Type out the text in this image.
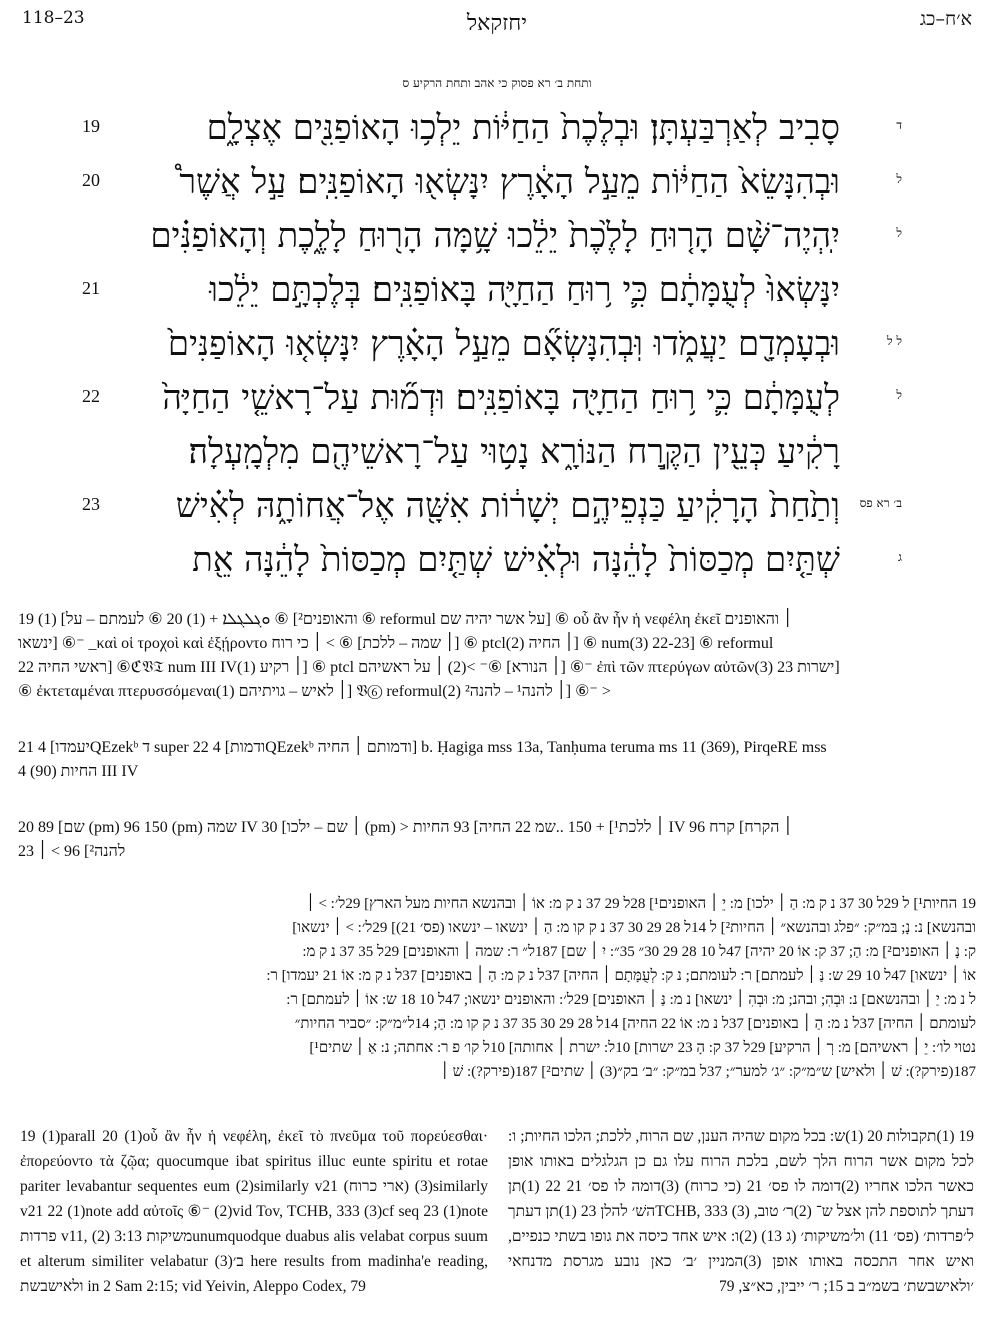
118–23	יחזקאל	א׳ח–כג
ותחת ב׳ רא פסוק כי אהב ותחת הרקיע ס
19	סָבִיב לְאַרְבַּעְתָּן׃ וּבְלֶכֶת֙ הַחַיּ֔וֹת יֵלְכ֥וּ הָאוֹפַנִּ֖ים אֶצְלָ֑ם	ד
20	וּבְהִנָּשֵׂא֙ הַחַיּ֔וֹת מֵעַ֣ל הָאָ֔רֶץ יִנָּשְׂא֖וּ הָאוֹפַנִּֽים׃ עַ֣ל אֲשֶׁר֩	ל
יִֽהְיֶה־שָּׁ֨ם הָר֤וּחַ לָלֶ֙כֶת֙ יֵלֵ֔כוּ שָׁ֥מָּה הָר֖וּחַ לָלֶ֑כֶת וְהָאוֹפַנִּ֗ים	ל
21	יִנָּשְׂאוּ֙ לְעֻמָּתָ֔ם כִּ֛י ר֥וּחַ הַחַיָּ֖ה בָּאוֹפַנִּֽים׃ בְּלֶכְתָּ֣ם יֵלֵ֔כוּ
וּבְעָמְדָ֖ם יַעֲמֹ֑דוּ וּֽבְהִנָּשְׂאָ֞ם מֵעַ֣ל הָאָ֗רֶץ יִנָּשְׂא֤וּ הָאוֹפַנִּים֙	ל ל
22	לְעֻמָּתָ֔ם כִּ֛י ר֥וּחַ הַחַיָּ֖ה בָּאוֹפַנִּֽים׃ וּדְמ֞וּת עַל־רָאשֵׁ֤י הַחַיָּה֙	ל
רָקִ֔יעַ כְּעֵ֖ין הַקֶּ֣רַח הַנּוֹרָ֑א נָט֥וּי עַל־רָאשֵׁיהֶ֖ם מִלְמָֽעְלָה׃
23	וְתַ֙חַת֙ הָרָקִ֔יעַ כַּנְפֵיהֶ֣ם יְשָׁר֔וֹת אִשָּׁ֖ה אֶל־אֲחוֹתָ֑הּ לְאִ֗ישׁ	ב׳ רא פס
שְׁתַּ֤יִם מְכַסּוֹת֙ לָהֵ֔נָּה וּלְאִ֗ישׁ שְׁתַּ֤יִם מְכַסּוֹת֙ לָהֵ֔נָּה אֵ֖ת	ג

19 והאופנים²] ⑥ ܘܓܠܓܠܐ + (1) 20 ⑥ לעמתם – על] (1) ⑥ reformul על אשר יהיה שם] ⑥ οὗ ἂν ἦν ἡ νεφέλη ἐκεῖ ׀ והאופנים

ינשאו] ⑥⁻ _καὶ οἱ τροχοὶ καὶ ἐξῄροντο ׀ שמה – ללכת] ⑥ > ׀ כי רוח] ⑥ ptcl(2) ׀ החיה] ⑥ num(3) 22-23] ⑥ reformul

22 ראשי החיה] ⑥ℭ𝔙𝔗 num III IV(1) ׀ רקיע] ⑥ ptcl ׀ הנורא] ⑥⁻ >(2) ׀ על ראשיהם] ⑥⁻ ἐπὶ τῶν πτερύγων αὐτῶν(3) 23 ישרות]

⑥ ἐκτεταμέναι πτερυσσόμεναι(1) ׀ לאיש – גויתיהם] 𝔙⑥ reformul(2) ׀ להנה¹ – להנה²] ⑥⁻ >

21 יעמדו] 4QEzekᵇ ד super 22 ודמות] 4QEzekᵇ ודמותם ׀ החיה] b. Ḥagiga mss 13a, Tanḥuma teruma ms 11 (369), PirqeRE mss

4 (90) החיות III IV

20 שם] 89 (pm) 96 150 (pm) שמה IV ׀ שם – ילכו] 30 (pm) > ׀ ללכת¹] + 150 ..שמ 22 החיה] 93 החיות IV ׀ הקרח] קרח 96

23 להנה²] 96 > ׀

19 החיות¹] ל 29ל 30 37 נ ק מ: הַ ׀ ילכו] מ: יֵ ׀ האופנים¹] 28ל 29 37 נ ק מ: אוֹ ׀ ובהנשא החיות מעל הארץ] 29ל׳: > ׀

ובהנשא] נ: נָ; בּמ״ק: ״פלג ובהנשא״ ׀ החיות²] ל 14ל 28 29 30 37 נ ק קו מ: הַ ׀ ינשאו – ינשאו (פס׳ 21)] 29ל׳: > ׀ ינשאו]

ק: נָ ׀ האופנים²] מ: הַ; 37 ק: אוֹ 20 יהיה] 47ל 10 28 29 30״ 35״: יִ ׀ שם] 187ל״ ר: שמה ׀ והאופנים] 29ל 35 37 נ ק מ:

אוֹ ׀ ינשאו] 47ל 10 29 ש: נַּ ׀ לעמתם] ר: לעומתם; נ ק: לְעֻמָּתָם ׀ החיה] 37ל נ ק מ: הַ ׀ באופנים] 37ל נ ק מ: אוֹ 21 יעמדו] ר:

ל נ מ: יַ ׀ ובהנשאם] נ: וּבְהִ; ובהנ; מ: וּבְהִ ׀ ינשאו] נ מ: נַּ ׀ האופנים] 29ל׳: והאופנים ינשאו; 47ל 10 18 ש: אוֹ ׀ לעמתם] ר:

לעומתם ׀ החיה] 37ל נ מ: הַ ׀ באופנים] 37ל נ מ: אוֹ 22 החיה] 14ל 28 29 30 35 37 נ ק קו מ: הַ; 14ל״מ״ק: ״סביר החיות״

נטוי לו׳: יֵ ׀ ראשיהם] מ: רְ ׀ הרקיע] 29ל 37 ק: הָ 23 ישרות] 10ל: ישרת ׀ אחותה] 10ל קו׳ פ ר: אחתה; נ: אַ ׀ שתים¹]

187(פירק?): שׁ ׀ ולאיש] ש״מ״ק: ״ג׳ למער״; 37ל במ״ק: ״ב׳ בק״(3) ׀ שתים²] 187(פירק?): שׁ ׀

19 (1)parall 20 (1)οὗ ἂν ἦν ἡ νεφέλη, ἐκεῖ τὸ πνεῦμα τοῦ πορεύεσθαι· ἐπορεύοντο τὰ ζῷα; quocumque ibat spiritus illuc eunte spiritu et rotae pariter levabantur sequentes eum (2)similarly v21 (ארי כרוח) (3)similarly v21 22 (1)note add αὐτοῖς ⑥⁻ (2)vid Tov, TCHB, 333 (3)cf seq 23 (1)note פרדות v11, משיקות 3:13 (2)unumquodque duabus alis velabat corpus suum et alterum similiter velabatur (3)ב׳ here results from madinha'e reading, ולאישבשת in 2 Sam 2:15; vid Yeivin, Aleppo Codex, 79

19 (1)תקבולות 20 (1)ש: בכל מקום שהיה הענן, שם הרוח, ללכת; הלכו החיות; ו: לכל מקום אשר הרוח הלך לשם, בלכת הרוח עלו גם כן הגלגלים באותו אופן כאשר הלכו אחריו (2)דומה לו פס׳ 21 (כי כרוח) (3)דומה לו פס׳ 21 22 (1)תן דעתך לתוספת להן אצל ש־ (2)ר׳ טוב, TCHB, 333 (3)השׁ׳ להלן 23 (1)תן דעתך ל׳פרדות׳ (פס׳ 11) ול׳משיקות׳ (ג 13) (2)ו: איש אחד כיסה את גופו בשתי כנפיים, ואיש אחר התכסה באותו אופן (3)המניין ׳ב׳ כאן נובע מגרסת מדנחאי ׳ולאישבשת׳ בשמ״ב ב 15; ר׳ ייבין, כא״צ, 79
